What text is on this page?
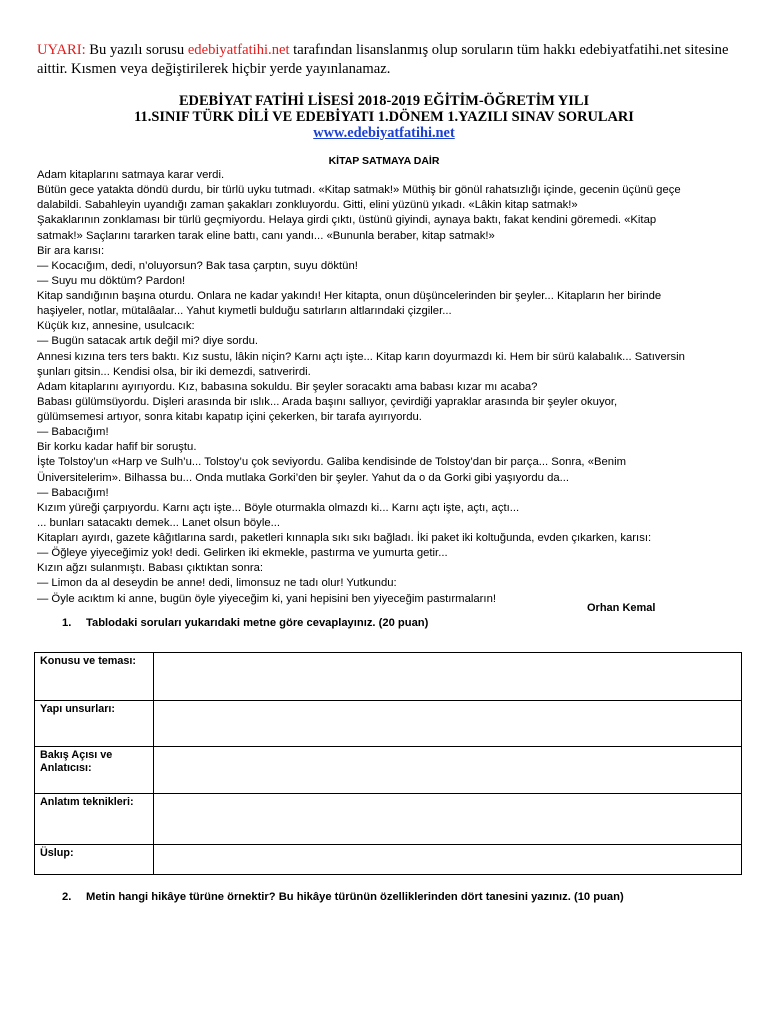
UYARI: Bu yazılı sorusu edebiyatfatihi.net tarafından lisanslanmış olup soruların tüm hakkı edebiyatfatihi.net sitesine aittir. Kısmen veya değiştirilerek hiçbir yerde yayınlanamaz.
EDEBİYAT FATİHİ LİSESİ 2018-2019 EĞİTİM-ÖĞRETİM YILI
11.SINIF TÜRK DİLİ VE EDEBİYATI 1.DÖNEM 1.YAZILI SINAV SORULARI
www.edebiyatfatihi.net
KİTAP SATMAYA DAİR
Adam kitaplarını satmaya karar verdi.
Bütün gece yatakta döndü durdu, bir türlü uyku tutmadı. «Kitap satmak!» Müthiş bir gönül rahatsızlığı içinde, gecenin üçünü geçe
dalabildi. Sabahleyin uyandığı zaman şakakları zonkluyordu. Gitti, elini yüzünü yıkadı. «Lâkin kitap satmak!»
Şakaklarının zonklaması bir türlü geçmiyordu. Helaya girdi çıktı, üstünü giyindi, aynaya baktı, fakat kendini göremedi. «Kitap
satmak!» Saçlarını tararken tarak eline battı, canı yandı... «Bununla beraber, kitap satmak!»
Bir ara karısı:
— Kocacığım, dedi, n’oluyorsun? Bak tasa çarptın, suyu döktün!
— Suyu mu döktüm? Pardon!
Kitap sandığının başına oturdu. Onlara ne kadar yakındı! Her kitapta, onun düşüncelerinden bir şeyler... Kitapların her birinde
haşiyeler, notlar, mütalâalar... Yahut kıymetli bulduğu satırların altlarındaki çizgiler...
Küçük kız, annesine, usulcacık:
— Bugün satacak artık değil mi? diye sordu.
Annesi kızına ters ters baktı. Kız sustu, lâkin niçin? Karnı açtı işte... Kitap karın doyurmazdı ki. Hem bir sürü kalabalık... Satıversin
şunları gitsin... Kendisi olsa, bir iki demezdi, satıverirdi.
Adam kitaplarını ayırıyordu. Kız, babasına sokuldu. Bir şeyler soracaktı ama babası kızar mı acaba?
Babası gülümsüyordu. Dişleri arasında bir ıslık... Arada başını sallıyor, çevirdiği yapraklar arasında bir şeyler okuyor,
gülümsemesi artıyor, sonra kitabı kapatıp içini çekerken, bir tarafa ayırıyordu.
— Babacığım!
Bir korku kadar hafif bir soruştu.
İşte Tolstoy’un «Harp ve Sulh’u... Tolstoy’u çok seviyordu. Galiba kendisinde de Tolstoy’dan bir parça... Sonra, «Benim
Üniversitelerim». Bilhassa bu... Onda mutlaka Gorki’den bir şeyler. Yahut da o da Gorki gibi yaşıyordu da...
— Babacığım!
Kızım yüreği çarpıyordu. Karnı açtı işte... Böyle oturmakla olmazdı ki... Karnı açtı işte, açtı, açtı...
... bunları satacaktı demek... Lanet olsun böyle...
Kitapları ayırdı, gazete kâğıtlarına sardı, paketleri kınnapla sıkı sıkı bağladı. İki paket iki koltuğunda, evden çıkarken, karısı:
— Öğleye yiyeceğimiz yok! dedi. Gelirken iki ekmekle, pastırma ve yumurta getir...
Kızın ağzı sulanmıştı. Babası çıktıktan sonra:
— Limon da al deseydin be anne! dedi, limonsuz ne tadı olur! Yutkundu:
— Öyle acıktım ki anne, bugün öyle yiyeceğim ki, yani hepisini ben yiyeceğim pastırmaların!
Orhan Kemal
1. Tablodaki soruları yukarıdaki metne göre cevaplayınız. (20 puan)
Konusu ve teması:	
Yapı unsurları:	
Bakış Açısı ve Anlatıcısı:	
Anlatım teknikleri:	
Üslup:	
2. Metin hangi hikâye türüne örnektir? Bu hikâye türünün özelliklerinden dört tanesini yazınız. (10 puan)
